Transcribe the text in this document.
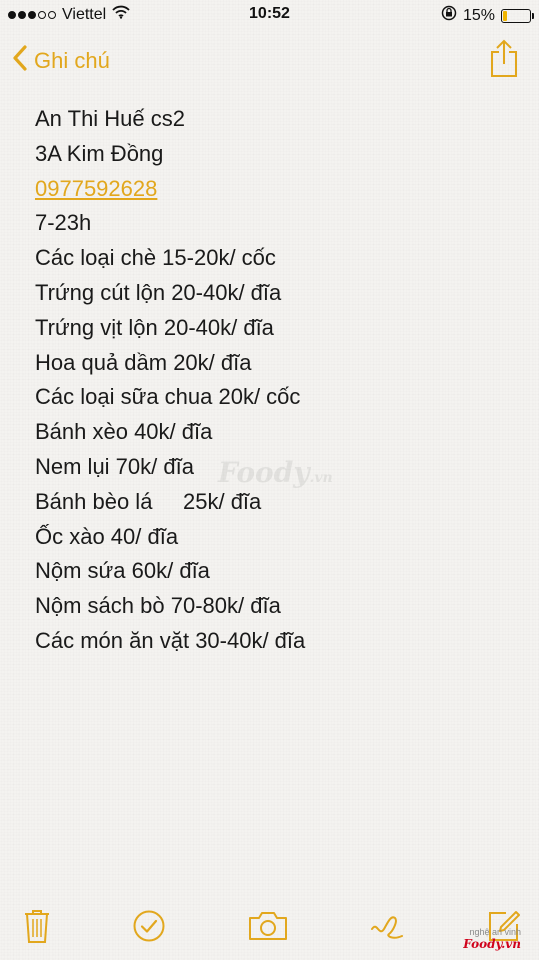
Viettel	10:52	15%
Ghi chú
An Thi Huế cs2
3A Kim Đồng
0977592628
7-23h
Các loại chè 15-20k/ cốc
Trứng cút lộn 20-40k/ đĩa
Trứng vịt lộn 20-40k/ đĩa
Hoa quả dầm 20k/ đĩa
Các loại sữa chua 20k/ cốc
Bánh xèo 40k/ đĩa
Nem lụi 70k/ đĩa
Bánh bèo lá     25k/ đĩa
Ốc xào 40/ đĩa
Nộm sứa 60k/ đĩa
Nộm sách bò 70-80k/ đĩa
Các món ăn vặt 30-40k/ đĩa
Foody.vn
nghệ an vinh
Foody.vn
